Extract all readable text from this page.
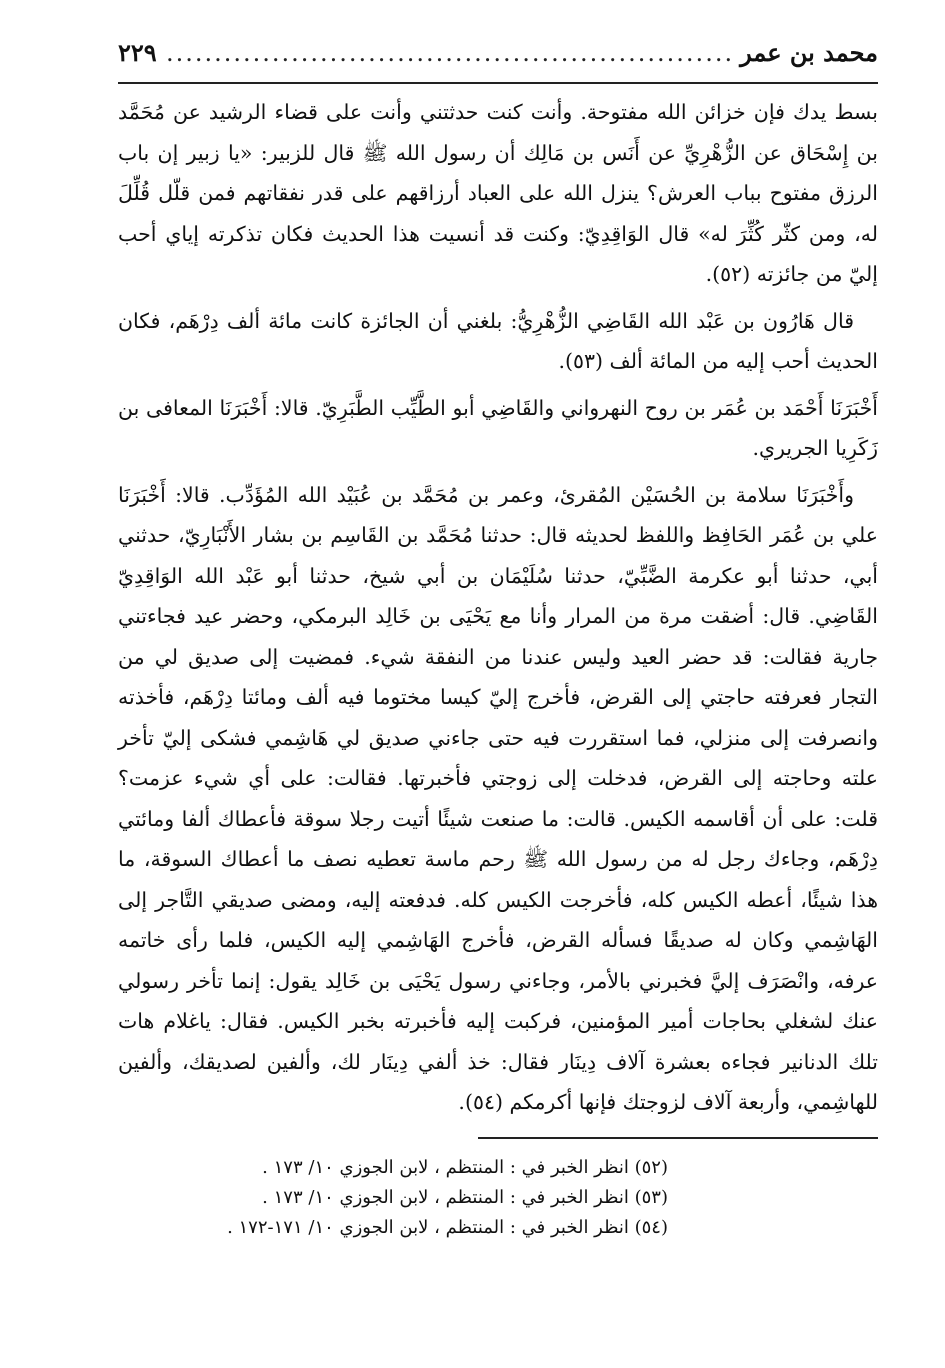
محمد بن عمر
...........................................................
٢٢٩

بسط يدك فإن خزائن الله مفتوحة. وأنت كنت حدثتني وأنت على قضاء الرشيد عن مُحَمَّد بن إِسْحَاق عن الزُّهْرِيِّ عن أَنَس بن مَالِك أن رسول الله ﷺ قال للزبير: «يا زبير إن باب الرزق مفتوح بباب العرش؟ ينزل الله على العباد أرزاقهم على قدر نفقاتهم فمن قلّل قُلِّلَ له، ومن كثّر كُثِّرَ له» قال الوَاقِدِيّ: وكنت قد أنسيت هذا الحديث فكان تذكرته إياي أحب إليّ من جائزته (٥٢).

قال هَارُون بن عَبْد الله القَاضِي الزُّهْرِيُّ: بلغني أن الجائزة كانت مائة ألف دِرْهَم، فكان الحديث أحب إليه من المائة ألف (٥٣).

أَخْبَرَنَا أَحْمَد بن عُمَر بن روح النهرواني والقَاضِي أبو الطَّيِّب الطَّبَرِيّ. قالا: أَخْبَرَنَا المعافى بن زَكَرِيا الجريري.

وأَخْبَرَنَا سلامة بن الحُسَيْن المُقرئ، وعمر بن مُحَمَّد بن عُبَيْد الله المُؤَدِّب. قالا: أَخْبَرَنَا علي بن عُمَر الحَافِظ واللفظ لحديثه قال: حدثنا مُحَمَّد بن القَاسِم بن بشار الأَنْبَارِيّ، حدثني أبي، حدثنا أبو عكرمة الضَّبِّيّ، حدثنا سُلَيْمَان بن أبي شيخ، حدثنا أبو عَبْد الله الوَاقِدِيّ القَاضِي. قال: أضقت مرة من المرار وأنا مع يَحْيَى بن خَالِد البرمكي، وحضر عيد فجاءتني جارية فقالت: قد حضر العيد وليس عندنا من النفقة شيء. فمضيت إلى صديق لي من التجار فعرفته حاجتي إلى القرض، فأخرج إليّ كيسا مختوما فيه ألف ومائتا دِرْهَم، فأخذته وانصرفت إلى منزلي، فما استقررت فيه حتى جاءني صديق لي هَاشِمي فشكى إليّ تأخر علته وحاجته إلى القرض، فدخلت إلى زوجتي فأخبرتها. فقالت: على أي شيء عزمت؟ قلت: على أن أقاسمه الكيس. قالت: ما صنعت شيئًا أتيت رجلا سوقة فأعطاك ألفا ومائتي دِرْهَم، وجاءك رجل له من رسول الله ﷺ رحم ماسة تعطيه نصف ما أعطاك السوقة، ما هذا شيئًا، أعطه الكيس كله، فأخرجت الكيس كله. فدفعته إليه، ومضى صديقي التَّاجر إلى الهَاشِمي وكان له صديقًا فسأله القرض، فأخرج الهَاشِمي إليه الكيس، فلما رأى خاتمه عرفه، وانْصَرَف إليَّ فخبرني بالأمر، وجاءني رسول يَحْيَى بن خَالِد يقول: إنما تأخر رسولي عنك لشغلي بحاجات أمير المؤمنين، فركبت إليه فأخبرته بخبر الكيس. فقال: ياغلام هات تلك الدنانير فجاءه بعشرة آلاف دِينَار فقال: خذ ألفي دِينَار لك، وألفين لصديقك، وألفين للهاشِمي، وأربعة آلاف لزوجتك فإنها أكرمكم (٥٤).

(٥٢) انظر الخبر في : المنتظم ، لابن الجوزي ١٠/ ١٧٣ .
(٥٣) انظر الخبر في : المنتظم ، لابن الجوزي ١٠/ ١٧٣ .
(٥٤) انظر الخبر في : المنتظم ، لابن الجوزي ١٠/ ١٧١-١٧٢ .
